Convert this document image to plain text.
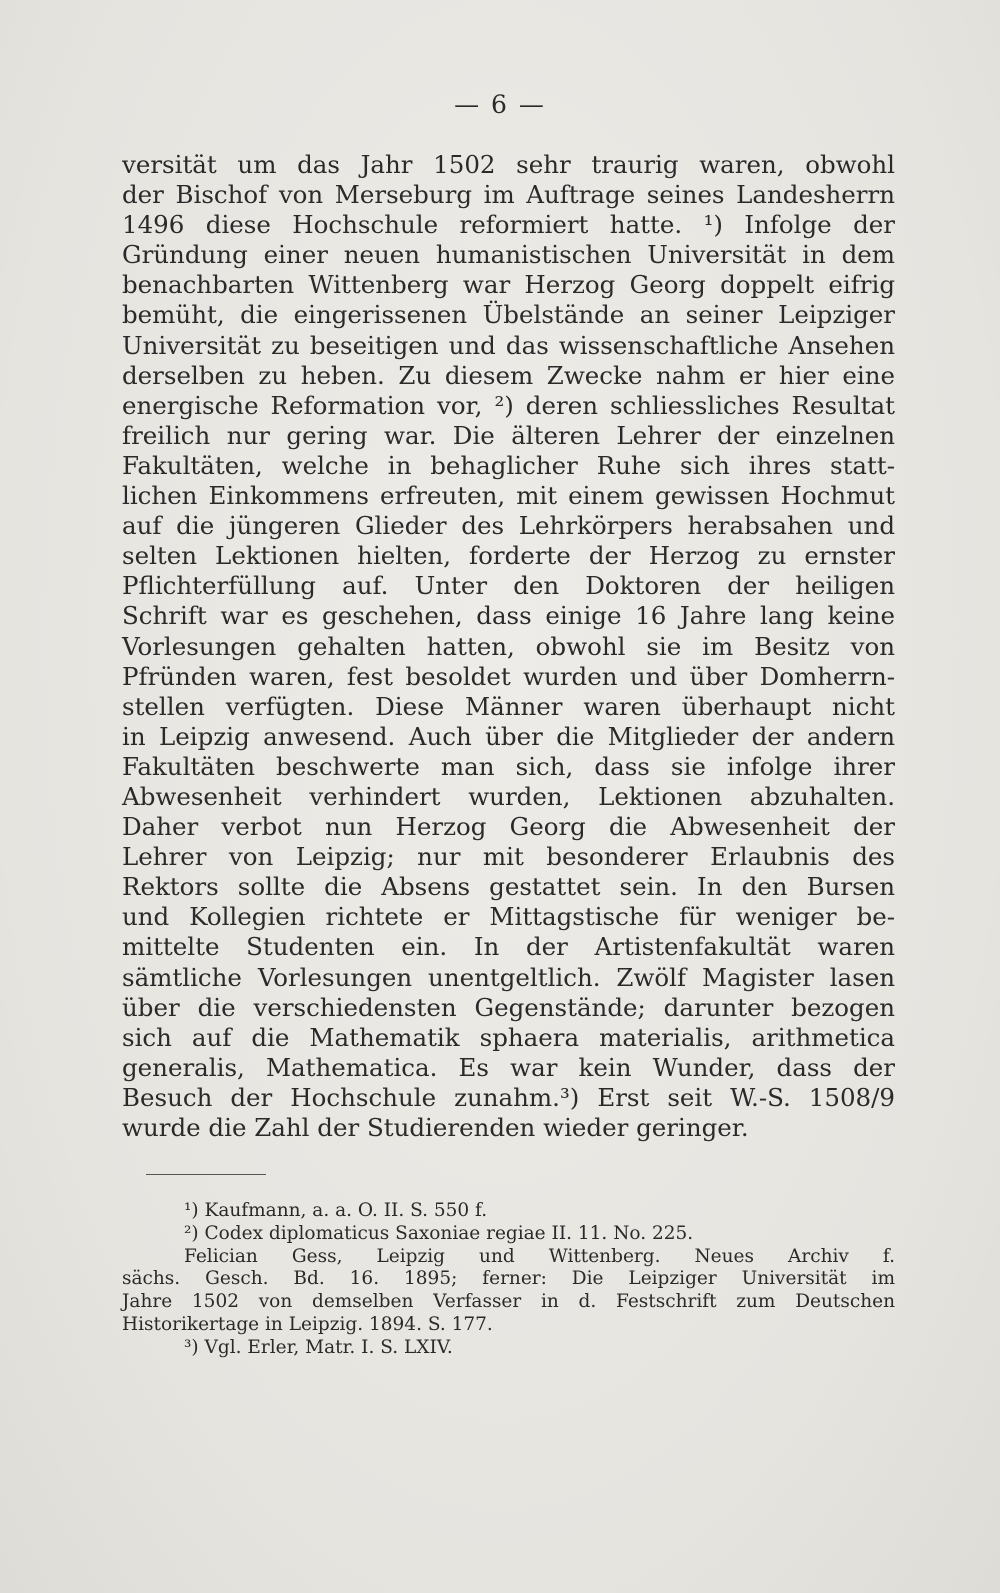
— 6 —
versität um das Jahr 1502 sehr traurig waren, obwohl
der Bischof von Merseburg im Auftrage seines Landesherrn
1496 diese Hochschule reformiert hatte. ¹) Infolge der
Gründung einer neuen humanistischen Universität in dem
benachbarten Wittenberg war Herzog Georg doppelt eifrig
bemüht, die eingerissenen Übelstände an seiner Leipziger
Universität zu beseitigen und das wissenschaftliche Ansehen
derselben zu heben. Zu diesem Zwecke nahm er hier eine
energische Reformation vor, ²) deren schliessliches Resultat
freilich nur gering war. Die älteren Lehrer der einzelnen
Fakultäten, welche in behaglicher Ruhe sich ihres statt-
lichen Einkommens erfreuten, mit einem gewissen Hochmut
auf die jüngeren Glieder des Lehrkörpers herabsahen und
selten Lektionen hielten, forderte der Herzog zu ernster
Pflichterfüllung auf. Unter den Doktoren der heiligen
Schrift war es geschehen, dass einige 16 Jahre lang keine
Vorlesungen gehalten hatten, obwohl sie im Besitz von
Pfründen waren, fest besoldet wurden und über Domherrn-
stellen verfügten. Diese Männer waren überhaupt nicht
in Leipzig anwesend. Auch über die Mitglieder der andern
Fakultäten beschwerte man sich, dass sie infolge ihrer
Abwesenheit verhindert wurden, Lektionen abzuhalten.
Daher verbot nun Herzog Georg die Abwesenheit der
Lehrer von Leipzig; nur mit besonderer Erlaubnis des
Rektors sollte die Absens gestattet sein. In den Bursen
und Kollegien richtete er Mittagstische für weniger be-
mittelte Studenten ein. In der Artistenfakultät waren
sämtliche Vorlesungen unentgeltlich. Zwölf Magister lasen
über die verschiedensten Gegenstände; darunter bezogen
sich auf die Mathematik sphaera materialis, arithmetica
generalis, Mathematica. Es war kein Wunder, dass der
Besuch der Hochschule zunahm.³) Erst seit W.-S. 1508/9
wurde die Zahl der Studierenden wieder geringer.
¹) Kaufmann, a. a. O. II. S. 550 f.
²) Codex diplomaticus Saxoniae regiae II. 11. No. 225.
Felician Gess, Leipzig und Wittenberg. Neues Archiv f.
sächs. Gesch. Bd. 16. 1895; ferner: Die Leipziger Universität im
Jahre 1502 von demselben Verfasser in d. Festschrift zum Deutschen
Historikertage in Leipzig. 1894. S. 177.
³) Vgl. Erler, Matr. I. S. LXIV.
